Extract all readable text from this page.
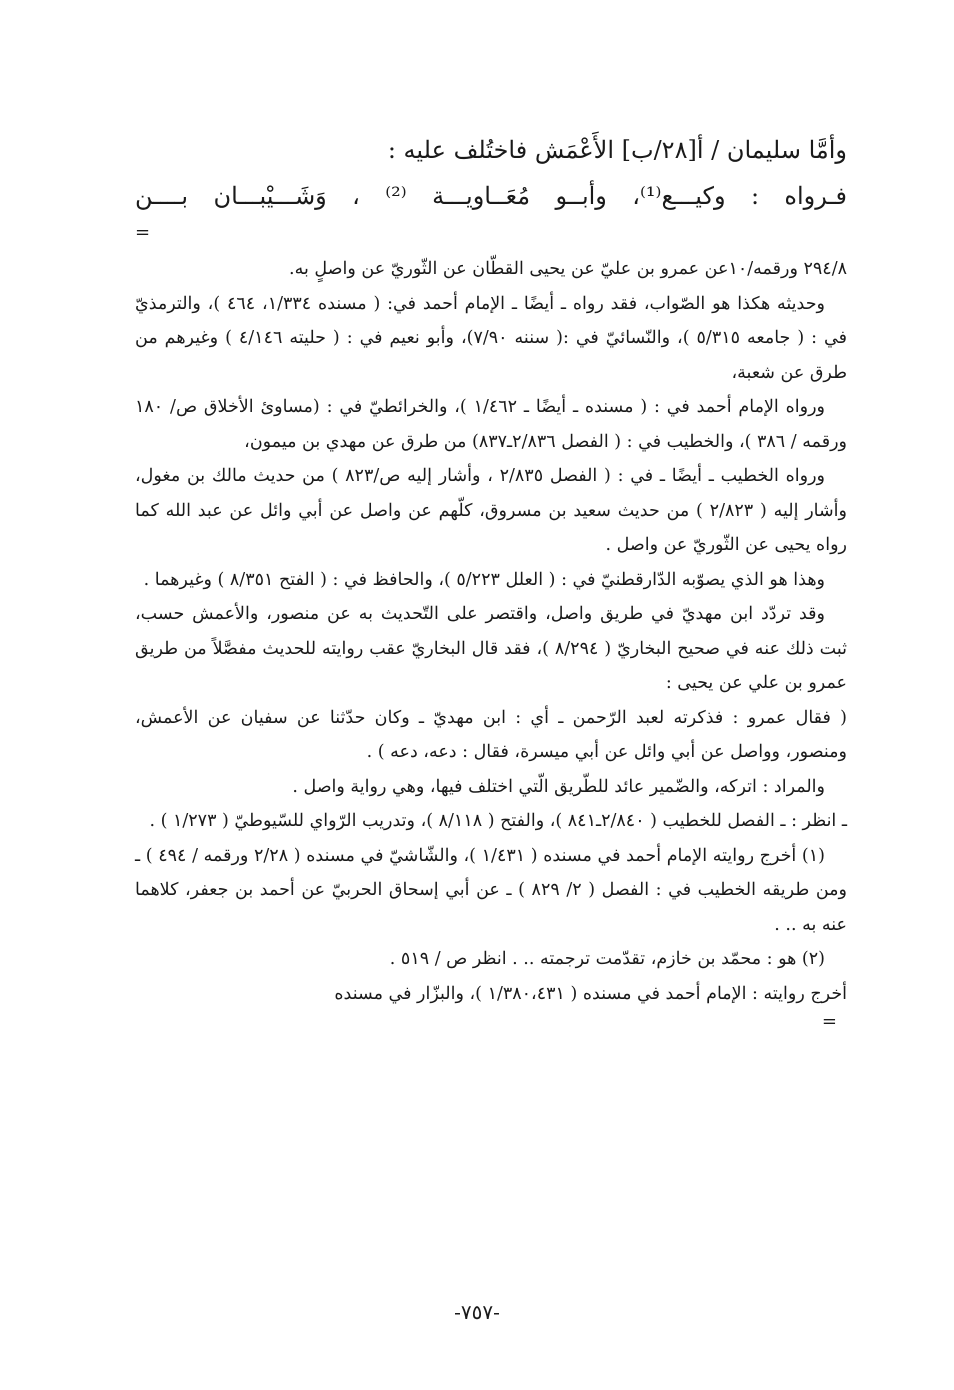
وأمَّا سليمان / أ[٢٨/ب] الأَعْمَش فاختُلف عليه :

فـرواه : وكيـــع⁽¹⁾، وأبــو مُعَــاويـــة ⁽²⁾ ، وَشَـــيْبـــان بــــن

=

٢٩٤/٨ ورقمه/١٠عن عمرو بن عليّ عن يحيى القطّان عن الثّوريّ عن واصلٍ به.

وحديثه هكذا هو الصّواب، فقد رواه ـ أيضًا ـ الإمام أحمد في: ( مسنده ١/٣٣٤، ٤٦٤ )، والترمذيّ في : ( جامعه ٥/٣١٥ )، والنّسائيّ في :( سننه ٧/٩٠)، وأبو نعيم في : ( حليته ٤/١٤٦ ) وغيرهم من طرق عن شعبة،

ورواه الإمام أحمد في : ( مسنده ـ أيضًا ـ ١/٤٦٢ )، والخرائطيّ في : (مساوئ الأخلاق ص/ ١٨٠ ورقمه / ٣٨٦ )، والخطيب في : ( الفصل ٢/٨٣٦ـ٨٣٧) من طرق عن مهدي بن ميمون،

ورواه الخطيب ـ أيضًا ـ في : ( الفصل ٢/٨٣٥ ، وأشار إليه ص/٨٢٣ ) من حديث مالك بن مغول، وأشار إليه ( ٢/٨٢٣ ) من حديث سعيد بن مسروق، كلّهم عن واصل عن أبي وائل عن عبد الله كما رواه يحيى عن الثّوريّ عن واصل .

وهذا هو الذي يصوّبه الدّارقطنيّ في : ( العلل ٥/٢٢٣ )، والحافظ في : ( الفتح ٨/٣٥١ ) وغيرهما .

وقد تردّد ابن مهديّ في طريق واصل، واقتصر على التّحديث به عن منصور، والأعمش حسب، ثبت ذلك عنه في صحيح البخاريّ ( ٨/٢٩٤ )، فقد قال البخاريّ عقب روايته للحديث مفصَّلاً من طريق عمرو بن علي عن يحيى :

( فقال عمرو : فذكرته لعبد الرّحمن ـ أي : ابن مهديّ ـ وكان حدّثنا عن سفيان عن الأعمش، ومنصور، وواصل عن أبي وائل عن أبي ميسرة، فقال : دعه، دعه ) .

والمراد : اتركه، والضّمير عائد للطّريق الّتي اختلف فيها، وهي رواية واصل .

ـ انظر : ـ الفصل للخطيب ( ٢/٨٤٠ـ٨٤١ )، والفتح ( ٨/١١٨ )، وتدريب الرّواي للسّيوطيّ ( ١/٢٧٣ ) .

(١) أخرج روايته الإمام أحمد في مسنده ( ١/٤٣١ )، والشّاشيّ في مسنده ( ٢/٢٨ ورقمه / ٤٩٤ ) ـ ومن طريقه الخطيب في : الفصل ( ٢/ ٨٢٩ ) ـ عن أبي إسحاق الحربيّ عن أحمد بن جعفر، كلاهما عنه به .. .

(٢) هو : محمّد بن خازم، تقدّمت ترجمته .. . انظر ص / ٥١٩ .

أخرج روايته : الإمام أحمد في مسنده ( ١/٣٨٠،٤٣١ )، والبزّار في مسنده

=
-٧٥٧-
